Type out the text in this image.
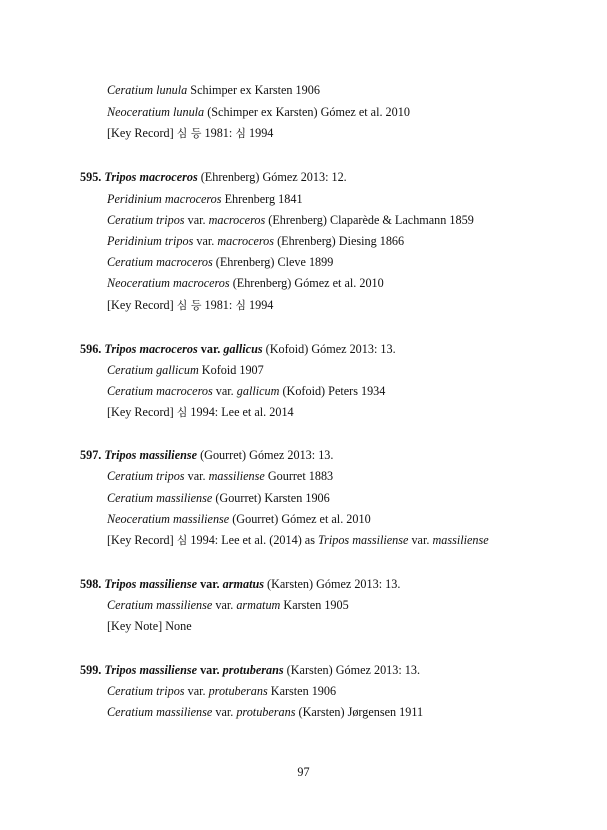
Ceratium lunula Schimper ex Karsten 1906
Neoceratium lunula (Schimper ex Karsten) Gómez et al. 2010
[Key Record] 심 등 1981: 심 1994
595. Tripos macroceros (Ehrenberg) Gómez 2013: 12.
Peridinium macroceros Ehrenberg 1841
Ceratium tripos var. macroceros (Ehrenberg) Claparède & Lachmann 1859
Peridinium tripos var. macroceros (Ehrenberg) Diesing 1866
Ceratium macroceros (Ehrenberg) Cleve 1899
Neoceratium macroceros (Ehrenberg) Gómez et al. 2010
[Key Record] 심 등 1981: 심 1994
596. Tripos macroceros var. gallicus (Kofoid) Gómez 2013: 13.
Ceratium gallicum Kofoid 1907
Ceratium macroceros var. gallicum (Kofoid) Peters 1934
[Key Record] 심 1994: Lee et al. 2014
597. Tripos massiliense (Gourret) Gómez 2013: 13.
Ceratium tripos var. massiliense Gourret 1883
Ceratium massiliense (Gourret) Karsten 1906
Neoceratium massiliense (Gourret) Gómez et al. 2010
[Key Record] 심 1994: Lee et al. (2014) as Tripos massiliense var. massiliense
598. Tripos massiliense var. armatus (Karsten) Gómez 2013: 13.
Ceratium massiliense var. armatum Karsten 1905
[Key Note] None
599. Tripos massiliense var. protuberans (Karsten) Gómez 2013: 13.
Ceratium tripos var. protuberans Karsten 1906
Ceratium massiliense var. protuberans (Karsten) Jørgensen 1911
97
